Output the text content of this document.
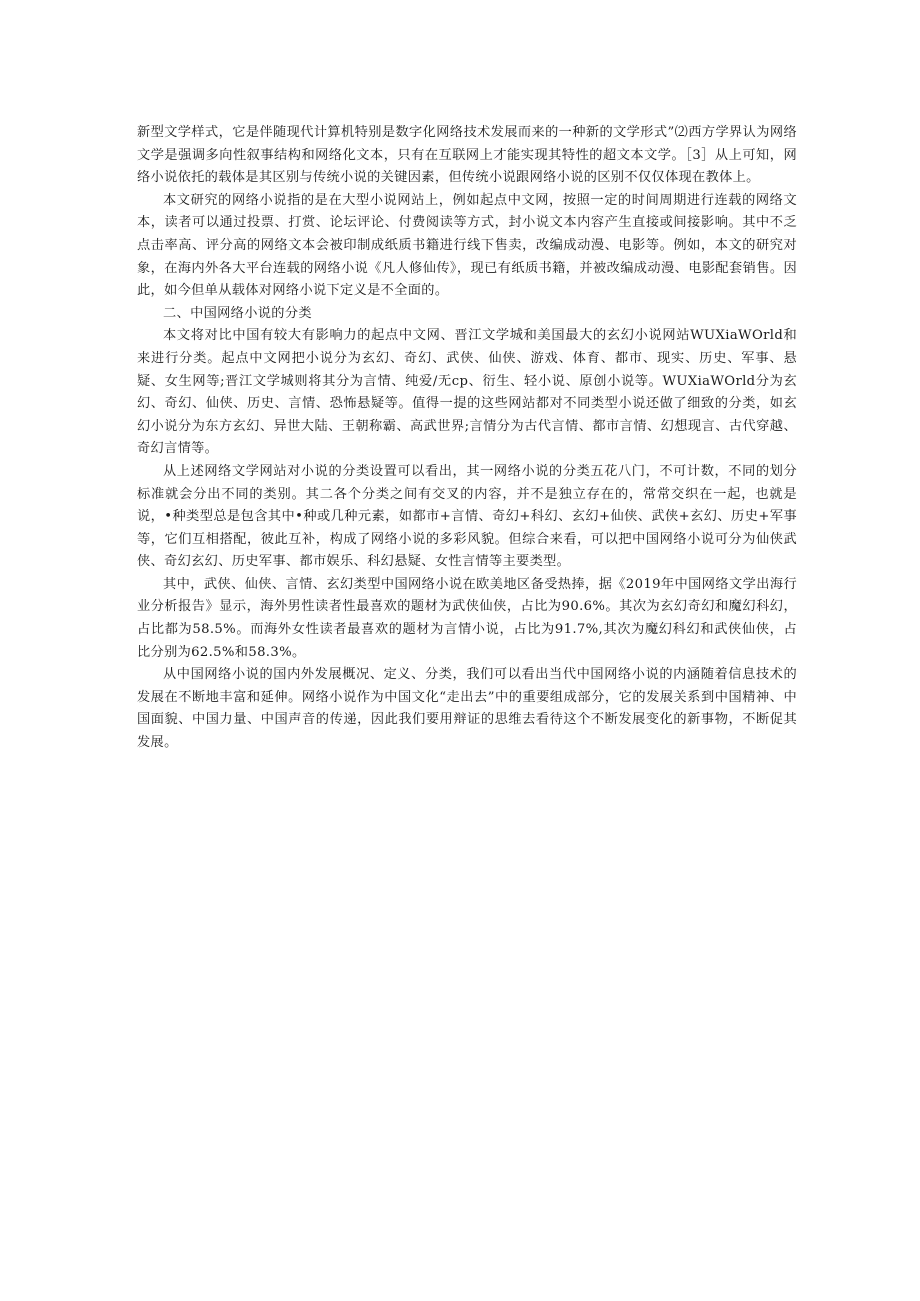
新型文学样式，它是伴随现代计算机特别是数字化网络技术发展而来的一种新的文学形式”⑵西方学界认为网络文学是强调多向性叙事结构和网络化文本，只有在互联网上才能实现其特性的超文本文学。［3］从上可知，网络小说依托的载体是其区别与传统小说的关键因素，但传统小说跟网络小说的区别不仅仅体现在教体上。

本文研究的网络小说指的是在大型小说网站上，例如起点中文网，按照一定的时间周期进行连载的网络文本，读者可以通过投票、打赏、论坛评论、付费阅读等方式，封小说文本内容产生直接或间接影响。其中不乏点击率高、评分高的网络文本会被印制成纸质书籍进行线下售卖，改编成动漫、电影等。例如，本文的研究对象，在海内外各大平台连载的网络小说《凡人修仙传》，现已有纸质书籍，并被改编成动漫、电影配套销售。因此，如今但单从载体对网络小说下定义是不全面的。

二、中国网络小说的分类

本文将对比中国有较大有影响力的起点中文网、晋江文学城和美国最大的玄幻小说网站WUXiaWOrld和来进行分类。起点中文网把小说分为玄幻、奇幻、武侠、仙侠、游戏、体育、都市、现实、历史、军事、悬疑、女生网等;晋江文学城则将其分为言情、纯爱/无cp、衍生、轻小说、原创小说等。WUXiaWOrld分为玄幻、奇幻、仙侠、历史、言情、恐怖悬疑等。值得一提的这些网站都对不同类型小说还做了细致的分类，如玄幻小说分为东方玄幻、异世大陆、王朝称霸、高武世界;言情分为古代言情、都市言情、幻想现言、古代穿越、奇幻言情等。

从上述网络文学网站对小说的分类设置可以看出，其一网络小说的分类五花八门，不可计数，不同的划分标准就会分出不同的类别。其二各个分类之间有交叉的内容，并不是独立存在的，常常交织在一起，也就是说，•种类型总是包含其中•种或几种元素，如都市+言情、奇幻+科幻、玄幻+仙侠、武侠+玄幻、历史+军事等，它们互相搭配，彼此互补，构成了网络小说的多彩风貌。但综合来看，可以把中国网络小说可分为仙侠武侠、奇幻玄幻、历史军事、都市娱乐、科幻悬疑、女性言情等主要类型。

其中，武侠、仙侠、言情、玄幻类型中国网络小说在欧美地区备受热捧，据《2019年中国网络文学出海行业分析报告》显示，海外男性读者性最喜欢的题材为武侠仙侠，占比为90.6%。其次为玄幻奇幻和魔幻科幻，占比都为58.5%。而海外女性读者最喜欢的题材为言情小说，占比为91.7%,其次为魔幻科幻和武侠仙侠，占比分别为62.5%和58.3%。

从中国网络小说的国内外发展概况、定义、分类，我们可以看出当代中国网络小说的内涵随着信息技术的发展在不断地丰富和延伸。网络小说作为中国文化“走出去”中的重要组成部分，它的发展关系到中国精神、中国面貌、中国力量、中国声音的传递，因此我们要用辩证的思维去看待这个不断发展变化的新事物，不断促其发展。
